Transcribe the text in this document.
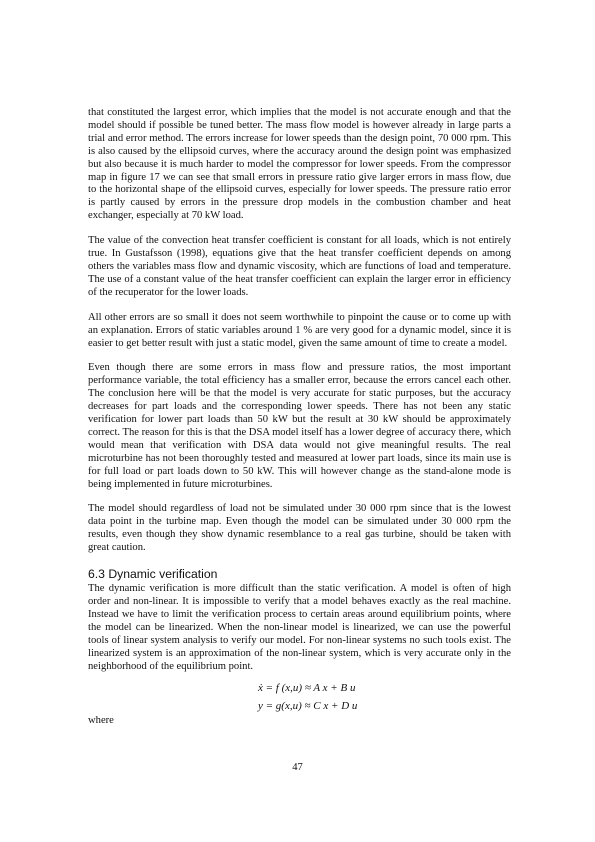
that constituted the largest error, which implies that the model is not accurate enough and that the model should if possible be tuned better. The mass flow model is however already in large parts a trial and error method. The errors increase for lower speeds than the design point, 70 000 rpm. This is also caused by the ellipsoid curves, where the accuracy around the design point was emphasized but also because it is much harder to model the compressor for lower speeds. From the compressor map in figure 17 we can see that small errors in pressure ratio give larger errors in mass flow, due to the horizontal shape of the ellipsoid curves, especially for lower speeds. The pressure ratio error is partly caused by errors in the pressure drop models in the combustion chamber and heat exchanger, especially at 70 kW load.

The value of the convection heat transfer coefficient is constant for all loads, which is not entirely true. In Gustafsson (1998), equations give that the heat transfer coefficient depends on among others the variables mass flow and dynamic viscosity, which are functions of load and temperature. The use of a constant value of the heat transfer coefficient can explain the larger error in efficiency of the recuperator for the lower loads.

All other errors are so small it does not seem worthwhile to pinpoint the cause or to come up with an explanation. Errors of static variables around 1 % are very good for a dynamic model, since it is easier to get better result with just a static model, given the same amount of time to create a model.

Even though there are some errors in mass flow and pressure ratios, the most important performance variable, the total efficiency has a smaller error, because the errors cancel each other. The conclusion here will be that the model is very accurate for static purposes, but the accuracy decreases for part loads and the corresponding lower speeds. There has not been any static verification for lower part loads than 50 kW but the result at 30 kW should be approximately correct. The reason for this is that the DSA model itself has a lower degree of accuracy there, which would mean that verification with DSA data would not give meaningful results. The real microturbine has not been thoroughly tested and measured at lower part loads, since its main use is for full load or part loads down to 50 kW. This will however change as the stand-alone mode is being implemented in future microturbines.

The model should regardless of load not be simulated under 30 000 rpm since that is the lowest data point in the turbine map. Even though the model can be simulated under 30 000 rpm the results, even though they show dynamic resemblance to a real gas turbine, should be taken with great caution.

6.3 Dynamic verification

The dynamic verification is more difficult than the static verification. A model is often of high order and non-linear. It is impossible to verify that a model behaves exactly as the real machine. Instead we have to limit the verification process to certain areas around equilibrium points, where the model can be linearized. When the non-linear model is linearized, we can use the powerful tools of linear system analysis to verify our model. For non-linear systems no such tools exist. The linearized system is an approximation of the non-linear system, which is very accurate only in the neighborhood of the equilibrium point.

ẋ = f (x,u) ≈ A x + B u
y = g(x,u) ≈ C x + D u
where
47
